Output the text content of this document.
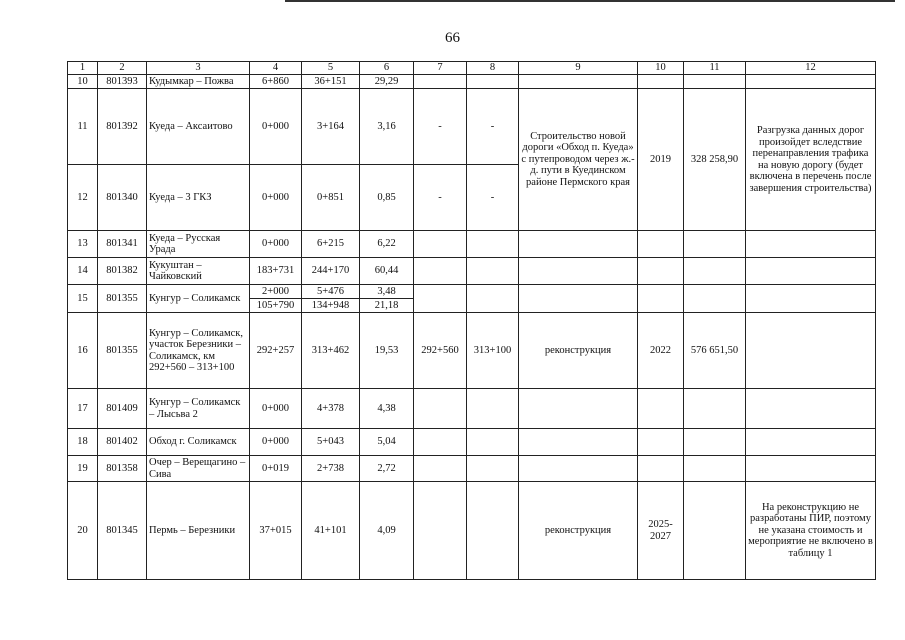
66
1	2	3	4	5	6	7	8	9	10	11	12
10	801393	Кудымкар – Пожва	6+860	36+151	29,29						
11	801392	Куеда – Аксаитово	0+000	3+164	3,16	-	-	Строительство новой дороги «Обход п. Куеда» с путепроводом через ж.-д. пути в Куединском районе Пермского края	2019	328 258,90	Разгрузка данных дорог произойдет вследствие перенаправления трафика на новую дорогу (будет включена в перечень после завершения строительства)
12	801340	Куеда – 3 ГКЗ	0+000	0+851	0,85	-	-				
13	801341	Куеда – Русская Урада	0+000	6+215	6,22						
14	801382	Кукуштан – Чайковский	183+731	244+170	60,44						
15	801355	Кунгур – Соликамск	2+000	5+476	3,48						
			105+790	134+948	21,18						
16	801355	Кунгур – Соликамск, участок Березники – Соликамск, км 292+560 – 313+100	292+257	313+462	19,53	292+560	313+100	реконструкция	2022	576 651,50	
17	801409	Кунгур – Соликамск – Лысьва 2	0+000	4+378	4,38						
18	801402	Обход г. Соликамск	0+000	5+043	5,04						
19	801358	Очер – Верещагино – Сива	0+019	2+738	2,72						
20	801345	Пермь – Березники	37+015	41+101	4,09			реконструкция	2025-2027		На реконструкцию не разработаны ПИР, поэтому не указана стоимость и мероприятие не включено в таблицу 1
